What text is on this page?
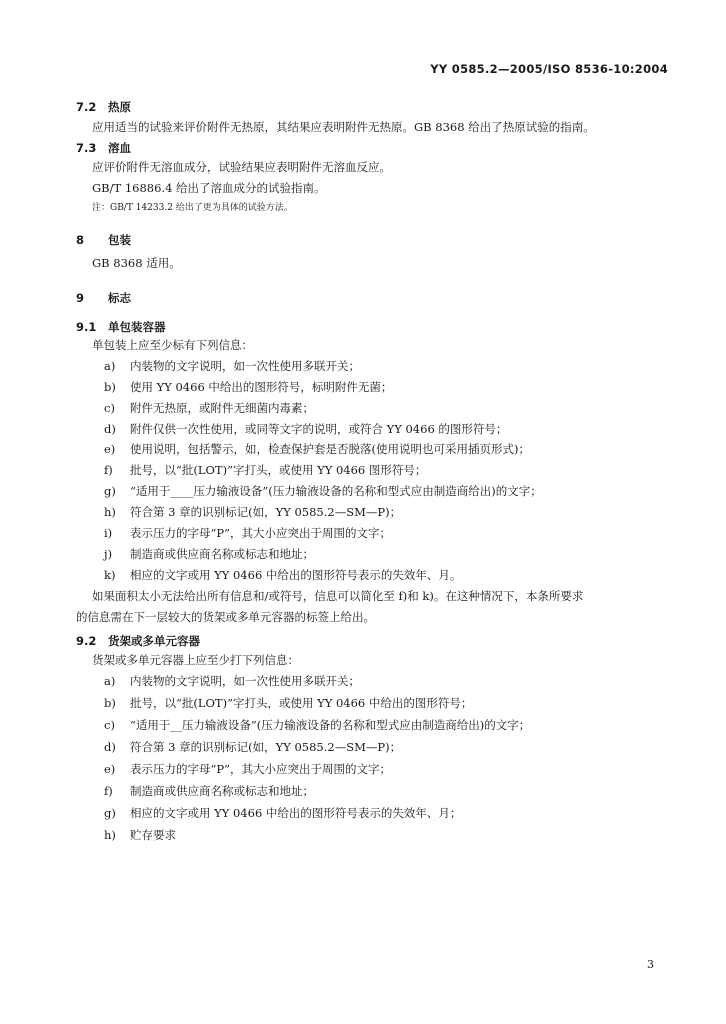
YY 0585.2—2005/ISO 8536-10:2004
7.2 热原
应用适当的试验来评价附件无热原，其结果应表明附件无热原。GB 8368 给出了热原试验的指南。
7.3 溶血
应评价附件无溶血成分，试验结果应表明附件无溶血反应。
GB/T 16886.4 给出了溶血成分的试验指南。
注：GB/T 14233.2 给出了更为具体的试验方法。
8 包装
GB 8368 适用。
9 标志
9.1 单包装容器
单包装上应至少标有下列信息：
a) 内装物的文字说明，如一次性使用多联开关；
b) 使用 YY 0466 中给出的图形符号，标明附件无菌；
c) 附件无热原，或附件无细菌内毒素；
d) 附件仅供一次性使用，或同等文字的说明，或符合 YY 0466 的图形符号；
e) 使用说明，包括警示，如，检查保护套是否脱落(使用说明也可采用插页形式)；
f) 批号，以“批(LOT)”字打头，或使用 YY 0466 图形符号；
g) “适用于____压力输液设备”(压力输液设备的名称和型式应由制造商给出)的文字；
h) 符合第 3 章的识别标记(如，YY 0585.2—SM—P)；
i) 表示压力的字母“P”，其大小应突出于周围的文字；
j) 制造商或供应商名称或标志和地址；
k) 相应的文字或用 YY 0466 中给出的图形符号表示的失效年、月。
如果面积太小无法给出所有信息和/或符号，信息可以简化至 f)和 k)。在这种情况下，本条所要求
的信息需在下一层较大的货架或多单元容器的标签上给出。
9.2 货架或多单元容器
货架或多单元容器上应至少打下列信息：
a) 内装物的文字说明，如一次性使用多联开关；
b) 批号，以“批(LOT)”字打头，或使用 YY 0466 中给出的图形符号；
c) “适用于__压力输液设备”(压力输液设备的名称和型式应由制造商给出)的文字；
d) 符合第 3 章的识别标记(如，YY 0585.2—SM—P)；
e) 表示压力的字母“P”，其大小应突出于周围的文字；
f) 制造商或供应商名称或标志和地址；
g) 相应的文字或用 YY 0466 中给出的图形符号表示的失效年、月；
h) 贮存要求
3
